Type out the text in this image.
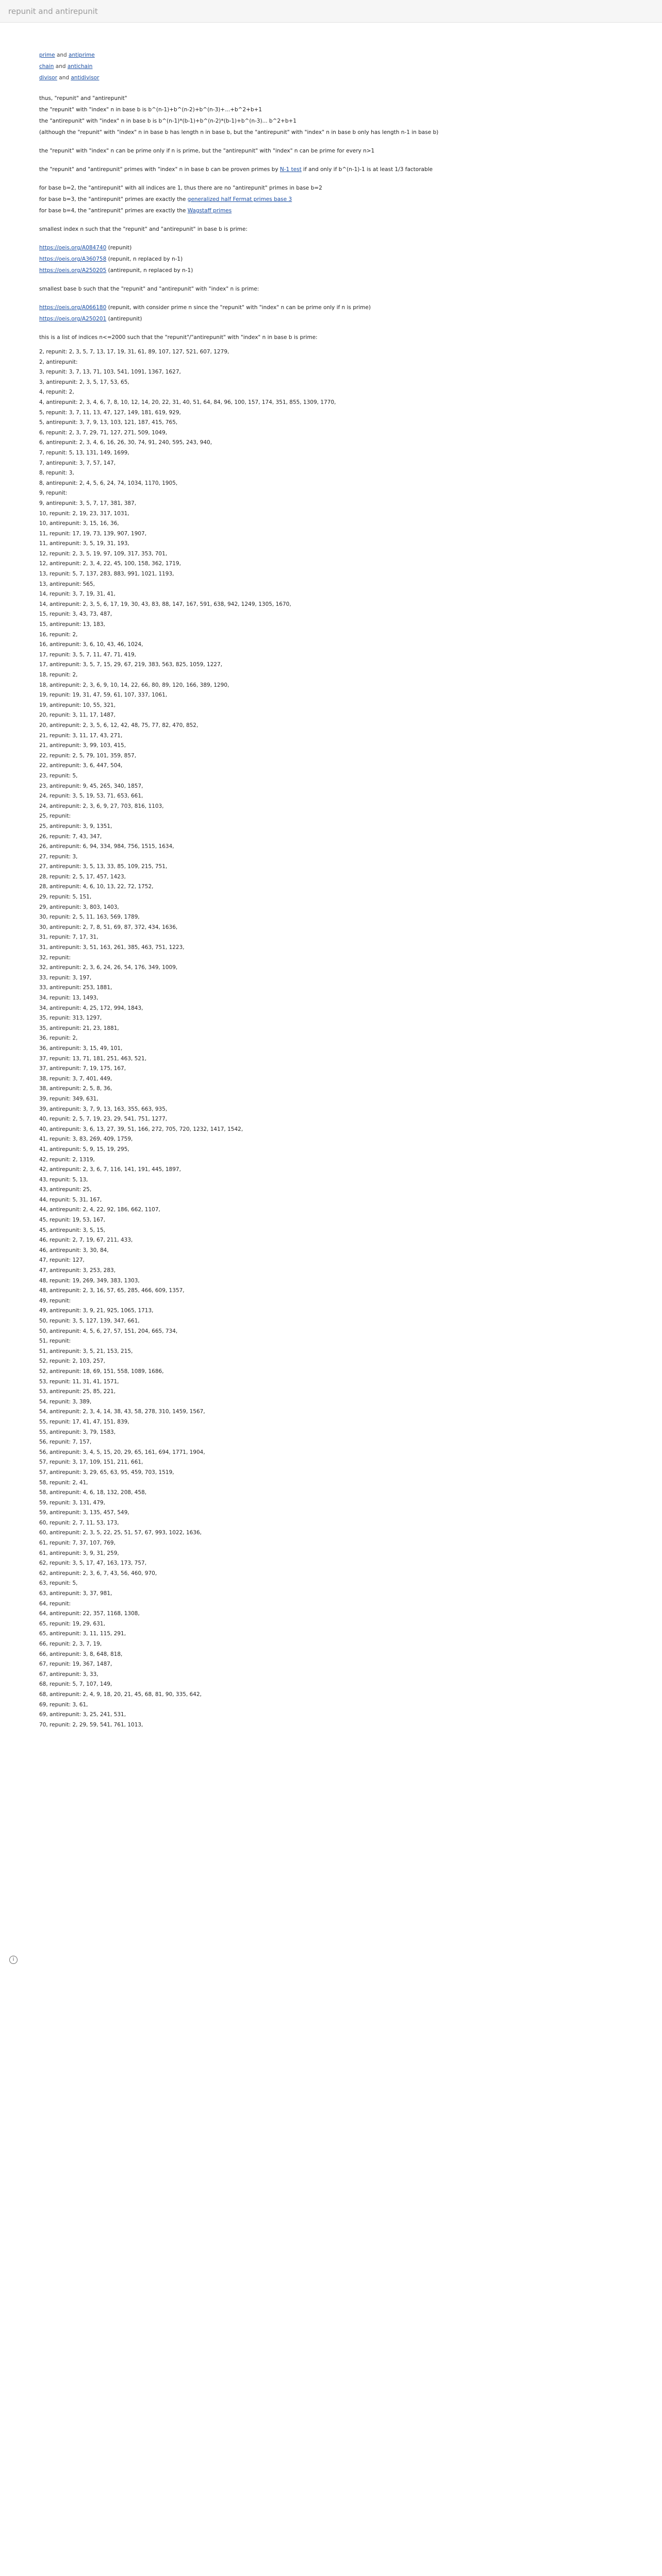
repunit and antirepunit
i
prime and antiprime
chain and antichain
divisor and antidivisor
thus, "repunit" and "antirepunit"
the "repunit" with "index" n in base b is b^(n-1)+b^(n-2)+b^(n-3)+...+b^2+b+1
the "antirepunit" with "index" n in base b is b^(n-1)*(b-1)+b^(n-2)*(b-1)+b^(n-3)... b^2+b+1
(although the "repunit" with "index" n in base b has length n in base b, but the "antirepunit" with "index" n in base b only has length n-1 in base b)
the "repunit" with "index" n can be prime only if n is prime, but the "antirepunit" with "index" n can be prime for every n>1
the "repunit" and "antirepunit" primes with "index" n in base b can be proven primes by N-1 test if and only if b^(n-1)-1 is at least 1/3 factorable
for base b=2, the "antirepunit" with all indices are 1, thus there are no "antirepunit" primes in base b=2
for base b=3, the "antirepunit" primes are exactly the generalized half Fermat primes base 3
for base b=4, the "antirepunit" primes are exactly the Wagstaff primes
smallest index n such that the "repunit" and "antirepunit" in base b is prime:
https://oeis.org/A084740 (repunit)
https://oeis.org/A360758 (repunit, n replaced by n-1)
https://oeis.org/A250205 (antirepunit, n replaced by n-1)
smallest base b such that the "repunit" and "antirepunit" with "index" n is prime:
https://oeis.org/A066180 (repunit, with consider prime n since the "repunit" with "index" n can be prime only if n is prime)
https://oeis.org/A250201 (antirepunit)
this is a list of indices n<=2000 such that the "repunit"/"antirepunit" with "index" n in base b is prime:
2, repunit: 2, 3, 5, 7, 13, 17, 19, 31, 61, 89, 107, 127, 521, 607, 1279,
2, antirepunit:
3, repunit: 3, 7, 13, 71, 103, 541, 1091, 1367, 1627,
3, antirepunit: 2, 3, 5, 17, 53, 65,
4, repunit: 2,
4, antirepunit: 2, 3, 4, 6, 7, 8, 10, 12, 14, 20, 22, 31, 40, 51, 64, 84, 96, 100, 157, 174, 351, 855, 1309, 1770,
5, repunit: 3, 7, 11, 13, 47, 127, 149, 181, 619, 929,
5, antirepunit: 3, 7, 9, 13, 103, 121, 187, 415, 765,
6, repunit: 2, 3, 7, 29, 71, 127, 271, 509, 1049,
6, antirepunit: 2, 3, 4, 6, 16, 26, 30, 74, 91, 240, 595, 243, 940,
7, repunit: 5, 13, 131, 149, 1699,
7, antirepunit: 3, 7, 57, 147,
8, repunit: 3,
8, antirepunit: 2, 4, 5, 6, 24, 74, 1034, 1170, 1905,
9, repunit:
9, antirepunit: 3, 5, 7, 17, 381, 387,
10, repunit: 2, 19, 23, 317, 1031,
10, antirepunit: 3, 15, 16, 36,
11, repunit: 17, 19, 73, 139, 907, 1907,
11, antirepunit: 3, 5, 19, 31, 193,
12, repunit: 2, 3, 5, 19, 97, 109, 317, 353, 701,
12, antirepunit: 2, 3, 4, 22, 45, 100, 158, 362, 1719,
13, repunit: 5, 7, 137, 283, 883, 991, 1021, 1193,
13, antirepunit: 565,
14, repunit: 3, 7, 19, 31, 41,
14, antirepunit: 2, 3, 5, 6, 17, 19, 30, 43, 83, 88, 147, 167, 591, 638, 942, 1249, 1305, 1670,
15, repunit: 3, 43, 73, 487,
15, antirepunit: 13, 183,
16, repunit: 2,
16, antirepunit: 3, 6, 10, 43, 46, 1024,
17, repunit: 3, 5, 7, 11, 47, 71, 419,
17, antirepunit: 3, 5, 7, 15, 29, 67, 219, 383, 563, 825, 1059, 1227,
18, repunit: 2,
18, antirepunit: 2, 3, 6, 9, 10, 14, 22, 66, 80, 89, 120, 166, 389, 1290,
19, repunit: 19, 31, 47, 59, 61, 107, 337, 1061,
19, antirepunit: 10, 55, 321,
20, repunit: 3, 11, 17, 1487,
20, antirepunit: 2, 3, 5, 6, 12, 42, 48, 75, 77, 82, 470, 852,
21, repunit: 3, 11, 17, 43, 271,
21, antirepunit: 3, 99, 103, 415,
22, repunit: 2, 5, 79, 101, 359, 857,
22, antirepunit: 3, 6, 447, 504,
23, repunit: 5,
23, antirepunit: 9, 45, 265, 340, 1857,
24, repunit: 3, 5, 19, 53, 71, 653, 661,
24, antirepunit: 2, 3, 6, 9, 27, 703, 816, 1103,
25, repunit:
25, antirepunit: 3, 9, 1351,
26, repunit: 7, 43, 347,
26, antirepunit: 6, 94, 334, 984, 756, 1515, 1634,
27, repunit: 3,
27, antirepunit: 3, 5, 13, 33, 85, 109, 215, 751,
28, repunit: 2, 5, 17, 457, 1423,
28, antirepunit: 4, 6, 10, 13, 22, 72, 1752,
29, repunit: 5, 151,
29, antirepunit: 3, 803, 1403,
30, repunit: 2, 5, 11, 163, 569, 1789,
30, antirepunit: 2, 7, 8, 51, 69, 87, 372, 434, 1636,
31, repunit: 7, 17, 31,
31, antirepunit: 3, 51, 163, 261, 385, 463, 751, 1223,
32, repunit:
32, antirepunit: 2, 3, 6, 24, 26, 54, 176, 349, 1009,
33, repunit: 3, 197,
33, antirepunit: 253, 1881,
34, repunit: 13, 1493,
34, antirepunit: 4, 25, 172, 994, 1843,
35, repunit: 313, 1297,
35, antirepunit: 21, 23, 1881,
36, repunit: 2,
36, antirepunit: 3, 15, 49, 101,
37, repunit: 13, 71, 181, 251, 463, 521,
37, antirepunit: 7, 19, 175, 167,
38, repunit: 3, 7, 401, 449,
38, antirepunit: 2, 5, 8, 36,
39, repunit: 349, 631,
39, antirepunit: 3, 7, 9, 13, 163, 355, 663, 935,
40, repunit: 2, 5, 7, 19, 23, 29, 541, 751, 1277,
40, antirepunit: 3, 6, 13, 27, 39, 51, 166, 272, 705, 720, 1232, 1417, 1542,
41, repunit: 3, 83, 269, 409, 1759,
41, antirepunit: 5, 9, 15, 19, 295,
42, repunit: 2, 1319,
42, antirepunit: 2, 3, 6, 7, 116, 141, 191, 445, 1897,
43, repunit: 5, 13,
43, antirepunit: 25,
44, repunit: 5, 31, 167,
44, antirepunit: 2, 4, 22, 92, 186, 662, 1107,
45, repunit: 19, 53, 167,
45, antirepunit: 3, 5, 15,
46, repunit: 2, 7, 19, 67, 211, 433,
46, antirepunit: 3, 30, 84,
47, repunit: 127,
47, antirepunit: 3, 253, 283,
48, repunit: 19, 269, 349, 383, 1303,
48, antirepunit: 2, 3, 16, 57, 65, 285, 466, 609, 1357,
49, repunit:
49, antirepunit: 3, 9, 21, 925, 1065, 1713,
50, repunit: 3, 5, 127, 139, 347, 661,
50, antirepunit: 4, 5, 6, 27, 57, 151, 204, 665, 734,
51, repunit:
51, antirepunit: 3, 5, 21, 153, 215,
52, repunit: 2, 103, 257,
52, antirepunit: 18, 69, 151, 558, 1089, 1686,
53, repunit: 11, 31, 41, 1571,
53, antirepunit: 25, 85, 221,
54, repunit: 3, 389,
54, antirepunit: 2, 3, 4, 14, 38, 43, 58, 278, 310, 1459, 1567,
55, repunit: 17, 41, 47, 151, 839,
55, antirepunit: 3, 79, 1583,
56, repunit: 7, 157,
56, antirepunit: 3, 4, 5, 15, 20, 29, 65, 161, 694, 1771, 1904,
57, repunit: 3, 17, 109, 151, 211, 661,
57, antirepunit: 3, 29, 65, 63, 95, 459, 703, 1519,
58, repunit: 2, 41,
58, antirepunit: 4, 6, 18, 132, 208, 458,
59, repunit: 3, 131, 479,
59, antirepunit: 3, 135, 457, 549,
60, repunit: 2, 7, 11, 53, 173,
60, antirepunit: 2, 3, 5, 22, 25, 51, 57, 67, 993, 1022, 1636,
61, repunit: 7, 37, 107, 769,
61, antirepunit: 3, 9, 31, 259,
62, repunit: 3, 5, 17, 47, 163, 173, 757,
62, antirepunit: 2, 3, 6, 7, 43, 56, 460, 970,
63, repunit: 5,
63, antirepunit: 3, 37, 981,
64, repunit:
64, antirepunit: 22, 357, 1168, 1308,
65, repunit: 19, 29, 631,
65, antirepunit: 3, 11, 115, 291,
66, repunit: 2, 3, 7, 19,
66, antirepunit: 3, 8, 648, 818,
67, repunit: 19, 367, 1487,
67, antirepunit: 3, 33,
68, repunit: 5, 7, 107, 149,
68, antirepunit: 2, 4, 9, 18, 20, 21, 45, 68, 81, 90, 335, 642,
69, repunit: 3, 61,
69, antirepunit: 3, 25, 241, 531,
70, repunit: 2, 29, 59, 541, 761, 1013,
